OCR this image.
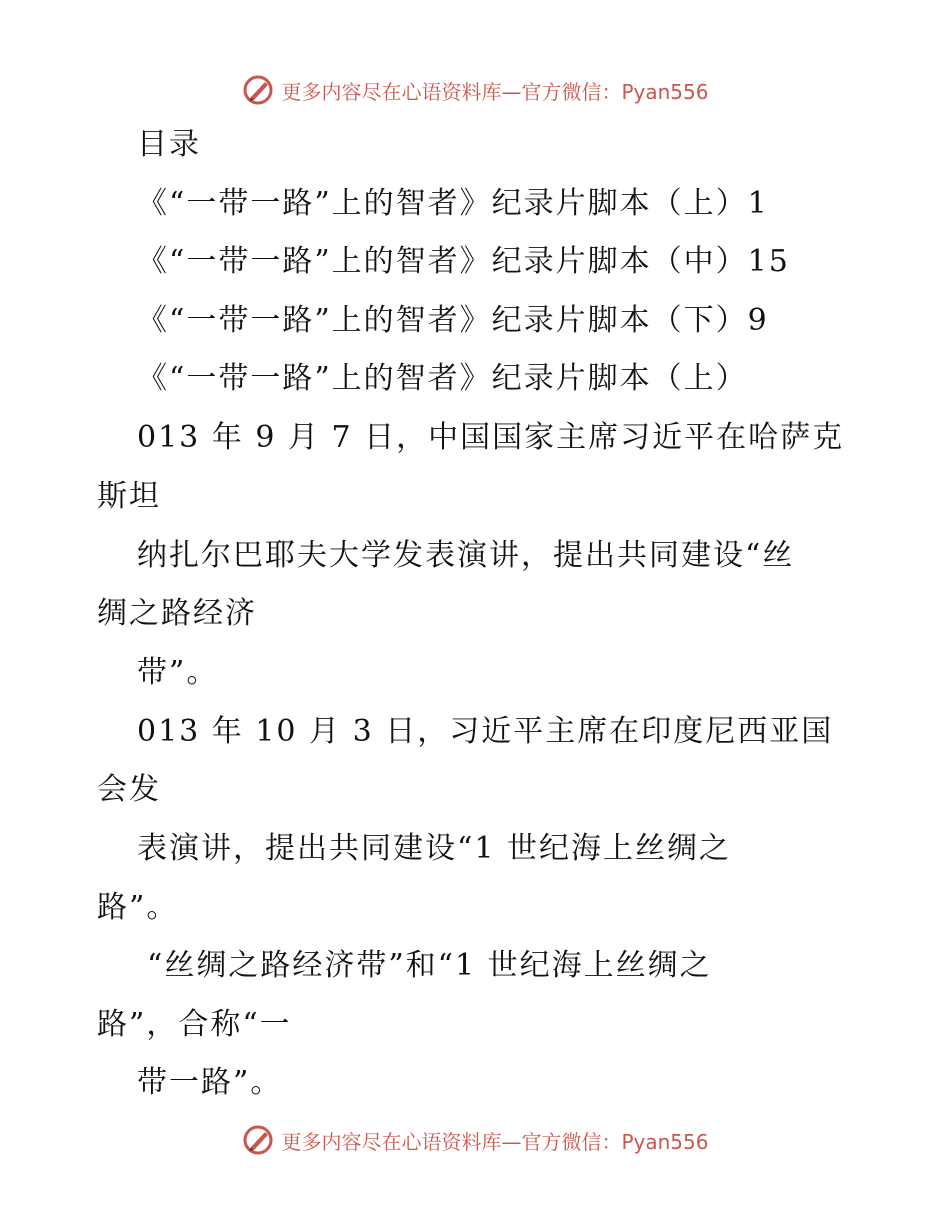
更多内容尽在心语资料库—官方微信：Pyan556
目录
《“一带一路”上的智者》纪录片脚本（上）1
《“一带一路”上的智者》纪录片脚本（中）15
《“一带一路”上的智者》纪录片脚本（下）9
《“一带一路”上的智者》纪录片脚本（上）
013 年 9 月 7 日，中国国家主席习近平在哈萨克
斯坦
纳扎尔巴耶夫大学发表演讲，提出共同建设“丝
绸之路经济
带”。
013 年 10 月 3 日，习近平主席在印度尼西亚国
会发
表演讲，提出共同建设“1 世纪海上丝绸之
路”。
“丝绸之路经济带”和“1 世纪海上丝绸之
路”，合称“一
带一路”。
更多内容尽在心语资料库—官方微信：Pyan556
